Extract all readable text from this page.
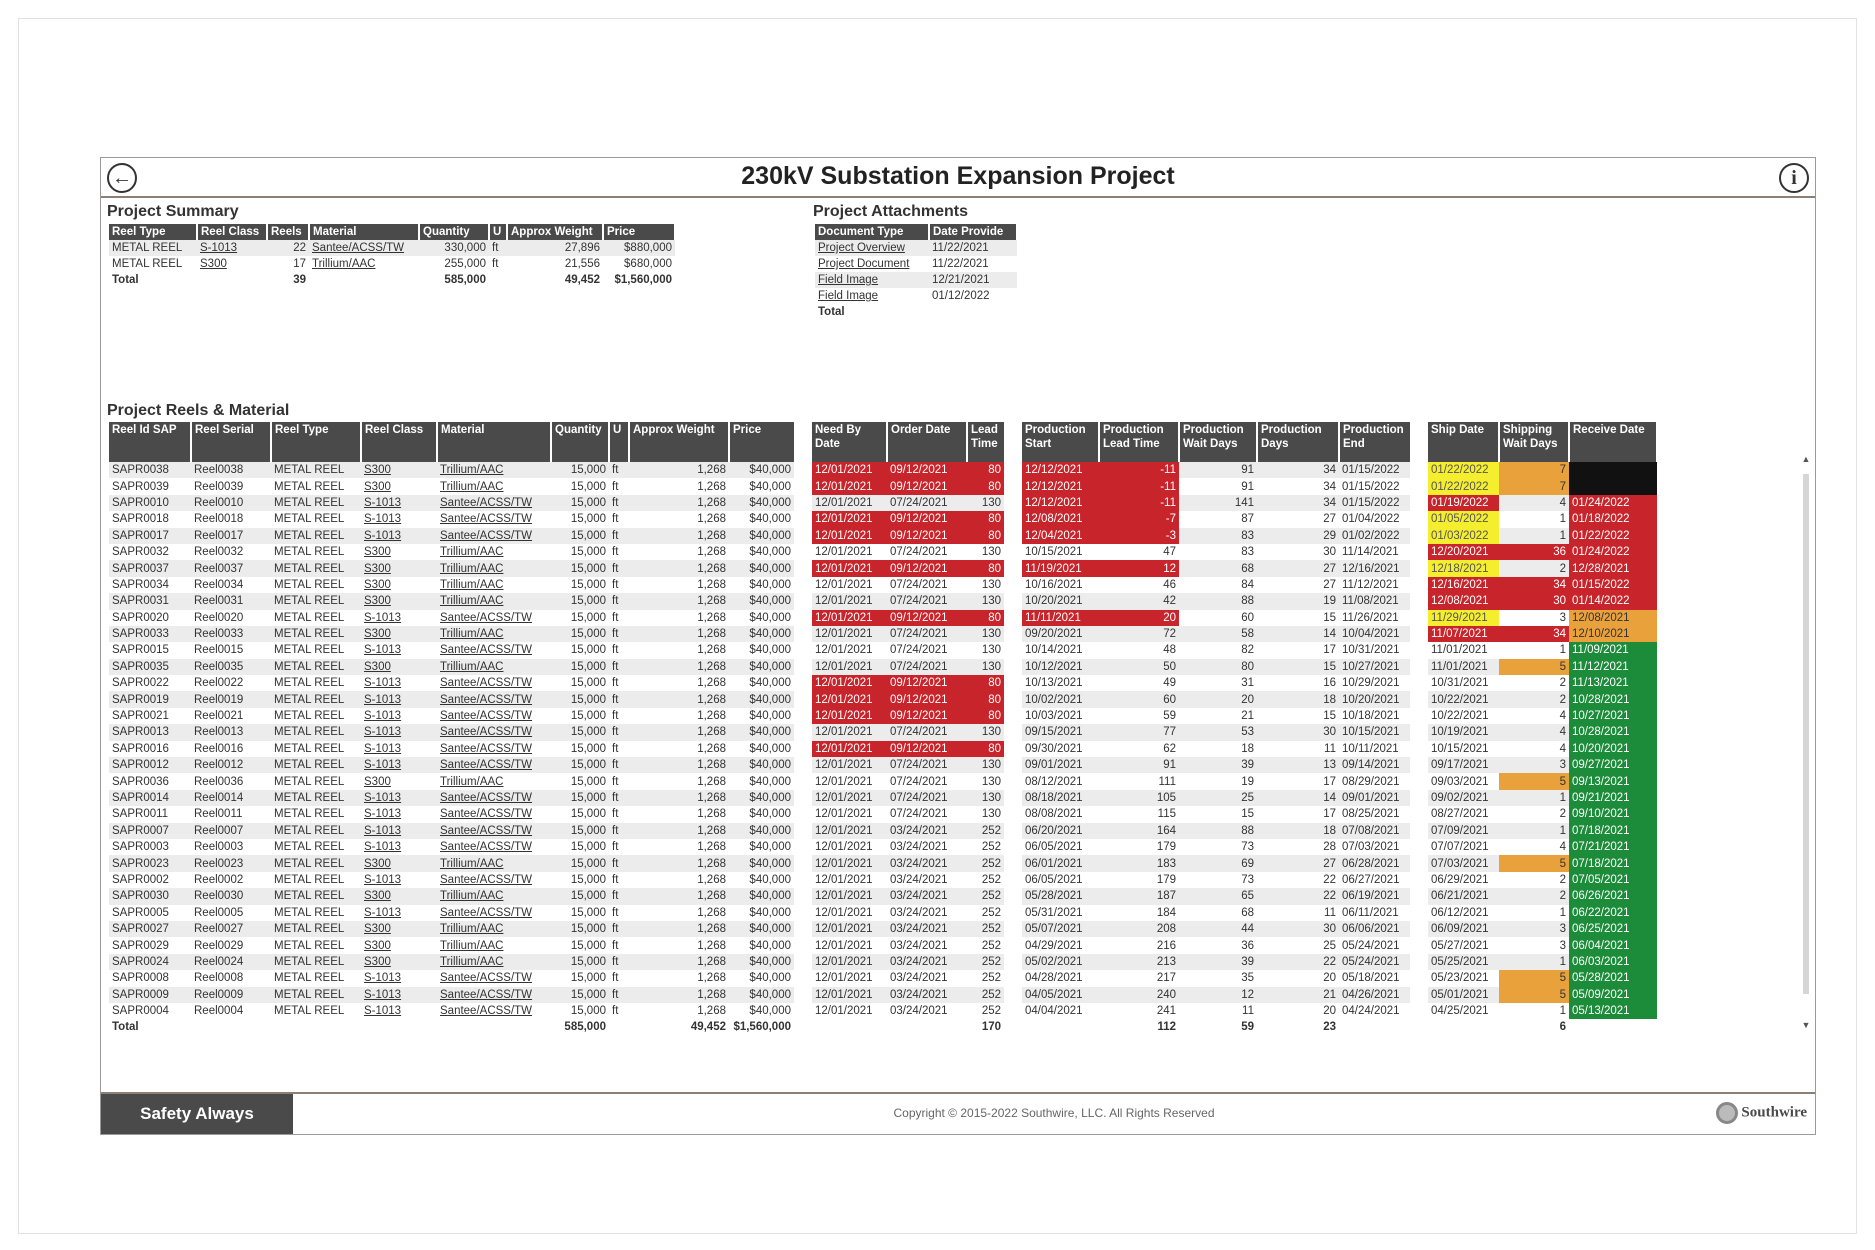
←	230kV Substation Expansion Project	i
Project Summary
Reel Type	Reel Class	Reels	Material	Quantity	U	Approx Weight	Price
METAL REEL	S-1013	22	Santee/ACSS/TW	330,000	ft	27,896	$880,000
METAL REEL	S300	17	Trillium/AAC	255,000	ft	21,556	$680,000
Total		39		585,000		49,452	$1,560,000
Project Attachments
Document Type	Date Provide
Project Overview	11/22/2021
Project Document	11/22/2021
Field Image	12/21/2021
Field Image	01/12/2022
Total	
Project Reels & Material
Reel Id SAP	Reel Serial	Reel Type	Reel Class	Material	Quantity	U	Approx Weight	Price	Need By Date	Order Date	Lead Time	Production Start	Production Lead Time	Production Wait Days	Production Days	Production End	Ship Date	Shipping Wait Days	Receive Date
SAPR0038	Reel0038	METAL REEL	S300	Trillium/AAC	15,000	ft	1,268	$40,000	12/01/2021	09/12/2021	80	12/12/2021	-11	91	34	01/15/2022	01/22/2022	7	
SAPR0039	Reel0039	METAL REEL	S300	Trillium/AAC	15,000	ft	1,268	$40,000	12/01/2021	09/12/2021	80	12/12/2021	-11	91	34	01/15/2022	01/22/2022	7	
SAPR0010	Reel0010	METAL REEL	S-1013	Santee/ACSS/TW	15,000	ft	1,268	$40,000	12/01/2021	07/24/2021	130	12/12/2021	-11	141	34	01/15/2022	01/19/2022	4	01/24/2022
SAPR0018	Reel0018	METAL REEL	S-1013	Santee/ACSS/TW	15,000	ft	1,268	$40,000	12/01/2021	09/12/2021	80	12/08/2021	-7	87	27	01/04/2022	01/05/2022	1	01/18/2022
SAPR0017	Reel0017	METAL REEL	S-1013	Santee/ACSS/TW	15,000	ft	1,268	$40,000	12/01/2021	09/12/2021	80	12/04/2021	-3	83	29	01/02/2022	01/03/2022	1	01/22/2022
SAPR0032	Reel0032	METAL REEL	S300	Trillium/AAC	15,000	ft	1,268	$40,000	12/01/2021	07/24/2021	130	10/15/2021	47	83	30	11/14/2021	12/20/2021	36	01/24/2022
SAPR0037	Reel0037	METAL REEL	S300	Trillium/AAC	15,000	ft	1,268	$40,000	12/01/2021	09/12/2021	80	11/19/2021	12	68	27	12/16/2021	12/18/2021	2	12/28/2021
SAPR0034	Reel0034	METAL REEL	S300	Trillium/AAC	15,000	ft	1,268	$40,000	12/01/2021	07/24/2021	130	10/16/2021	46	84	27	11/12/2021	12/16/2021	34	01/15/2022
SAPR0031	Reel0031	METAL REEL	S300	Trillium/AAC	15,000	ft	1,268	$40,000	12/01/2021	07/24/2021	130	10/20/2021	42	88	19	11/08/2021	12/08/2021	30	01/14/2022
SAPR0020	Reel0020	METAL REEL	S-1013	Santee/ACSS/TW	15,000	ft	1,268	$40,000	12/01/2021	09/12/2021	80	11/11/2021	20	60	15	11/26/2021	11/29/2021	3	12/08/2021
SAPR0033	Reel0033	METAL REEL	S300	Trillium/AAC	15,000	ft	1,268	$40,000	12/01/2021	07/24/2021	130	09/20/2021	72	58	14	10/04/2021	11/07/2021	34	12/10/2021
SAPR0015	Reel0015	METAL REEL	S-1013	Santee/ACSS/TW	15,000	ft	1,268	$40,000	12/01/2021	07/24/2021	130	10/14/2021	48	82	17	10/31/2021	11/01/2021	1	11/09/2021
SAPR0035	Reel0035	METAL REEL	S300	Trillium/AAC	15,000	ft	1,268	$40,000	12/01/2021	07/24/2021	130	10/12/2021	50	80	15	10/27/2021	11/01/2021	5	11/12/2021
SAPR0022	Reel0022	METAL REEL	S-1013	Santee/ACSS/TW	15,000	ft	1,268	$40,000	12/01/2021	09/12/2021	80	10/13/2021	49	31	16	10/29/2021	10/31/2021	2	11/13/2021
SAPR0019	Reel0019	METAL REEL	S-1013	Santee/ACSS/TW	15,000	ft	1,268	$40,000	12/01/2021	09/12/2021	80	10/02/2021	60	20	18	10/20/2021	10/22/2021	2	10/28/2021
SAPR0021	Reel0021	METAL REEL	S-1013	Santee/ACSS/TW	15,000	ft	1,268	$40,000	12/01/2021	09/12/2021	80	10/03/2021	59	21	15	10/18/2021	10/22/2021	4	10/27/2021
SAPR0013	Reel0013	METAL REEL	S-1013	Santee/ACSS/TW	15,000	ft	1,268	$40,000	12/01/2021	07/24/2021	130	09/15/2021	77	53	30	10/15/2021	10/19/2021	4	10/28/2021
SAPR0016	Reel0016	METAL REEL	S-1013	Santee/ACSS/TW	15,000	ft	1,268	$40,000	12/01/2021	09/12/2021	80	09/30/2021	62	18	11	10/11/2021	10/15/2021	4	10/20/2021
SAPR0012	Reel0012	METAL REEL	S-1013	Santee/ACSS/TW	15,000	ft	1,268	$40,000	12/01/2021	07/24/2021	130	09/01/2021	91	39	13	09/14/2021	09/17/2021	3	09/27/2021
SAPR0036	Reel0036	METAL REEL	S300	Trillium/AAC	15,000	ft	1,268	$40,000	12/01/2021	07/24/2021	130	08/12/2021	111	19	17	08/29/2021	09/03/2021	5	09/13/2021
SAPR0014	Reel0014	METAL REEL	S-1013	Santee/ACSS/TW	15,000	ft	1,268	$40,000	12/01/2021	07/24/2021	130	08/18/2021	105	25	14	09/01/2021	09/02/2021	1	09/21/2021
SAPR0011	Reel0011	METAL REEL	S-1013	Santee/ACSS/TW	15,000	ft	1,268	$40,000	12/01/2021	07/24/2021	130	08/08/2021	115	15	17	08/25/2021	08/27/2021	2	09/10/2021
SAPR0007	Reel0007	METAL REEL	S-1013	Santee/ACSS/TW	15,000	ft	1,268	$40,000	12/01/2021	03/24/2021	252	06/20/2021	164	88	18	07/08/2021	07/09/2021	1	07/18/2021
SAPR0003	Reel0003	METAL REEL	S-1013	Santee/ACSS/TW	15,000	ft	1,268	$40,000	12/01/2021	03/24/2021	252	06/05/2021	179	73	28	07/03/2021	07/07/2021	4	07/21/2021
SAPR0023	Reel0023	METAL REEL	S300	Trillium/AAC	15,000	ft	1,268	$40,000	12/01/2021	03/24/2021	252	06/01/2021	183	69	27	06/28/2021	07/03/2021	5	07/18/2021
SAPR0002	Reel0002	METAL REEL	S-1013	Santee/ACSS/TW	15,000	ft	1,268	$40,000	12/01/2021	03/24/2021	252	06/05/2021	179	73	22	06/27/2021	06/29/2021	2	07/05/2021
SAPR0030	Reel0030	METAL REEL	S300	Trillium/AAC	15,000	ft	1,268	$40,000	12/01/2021	03/24/2021	252	05/28/2021	187	65	22	06/19/2021	06/21/2021	2	06/26/2021
SAPR0005	Reel0005	METAL REEL	S-1013	Santee/ACSS/TW	15,000	ft	1,268	$40,000	12/01/2021	03/24/2021	252	05/31/2021	184	68	11	06/11/2021	06/12/2021	1	06/22/2021
SAPR0027	Reel0027	METAL REEL	S300	Trillium/AAC	15,000	ft	1,268	$40,000	12/01/2021	03/24/2021	252	05/07/2021	208	44	30	06/06/2021	06/09/2021	3	06/25/2021
SAPR0029	Reel0029	METAL REEL	S300	Trillium/AAC	15,000	ft	1,268	$40,000	12/01/2021	03/24/2021	252	04/29/2021	216	36	25	05/24/2021	05/27/2021	3	06/04/2021
SAPR0024	Reel0024	METAL REEL	S300	Trillium/AAC	15,000	ft	1,268	$40,000	12/01/2021	03/24/2021	252	05/02/2021	213	39	22	05/24/2021	05/25/2021	1	06/03/2021
SAPR0008	Reel0008	METAL REEL	S-1013	Santee/ACSS/TW	15,000	ft	1,268	$40,000	12/01/2021	03/24/2021	252	04/28/2021	217	35	20	05/18/2021	05/23/2021	5	05/28/2021
SAPR0009	Reel0009	METAL REEL	S-1013	Santee/ACSS/TW	15,000	ft	1,268	$40,000	12/01/2021	03/24/2021	252	04/05/2021	240	12	21	04/26/2021	05/01/2021	5	05/09/2021
SAPR0004	Reel0004	METAL REEL	S-1013	Santee/ACSS/TW	15,000	ft	1,268	$40,000	12/01/2021	03/24/2021	252	04/04/2021	241	11	20	04/24/2021	04/25/2021	1	05/13/2021
Total					585,000		49,452	$1,560,000			170		112	59	23			6	
▲
▼
Safety Always	Copyright © 2015-2022 Southwire, LLC. All Rights Reserved	Southwire
